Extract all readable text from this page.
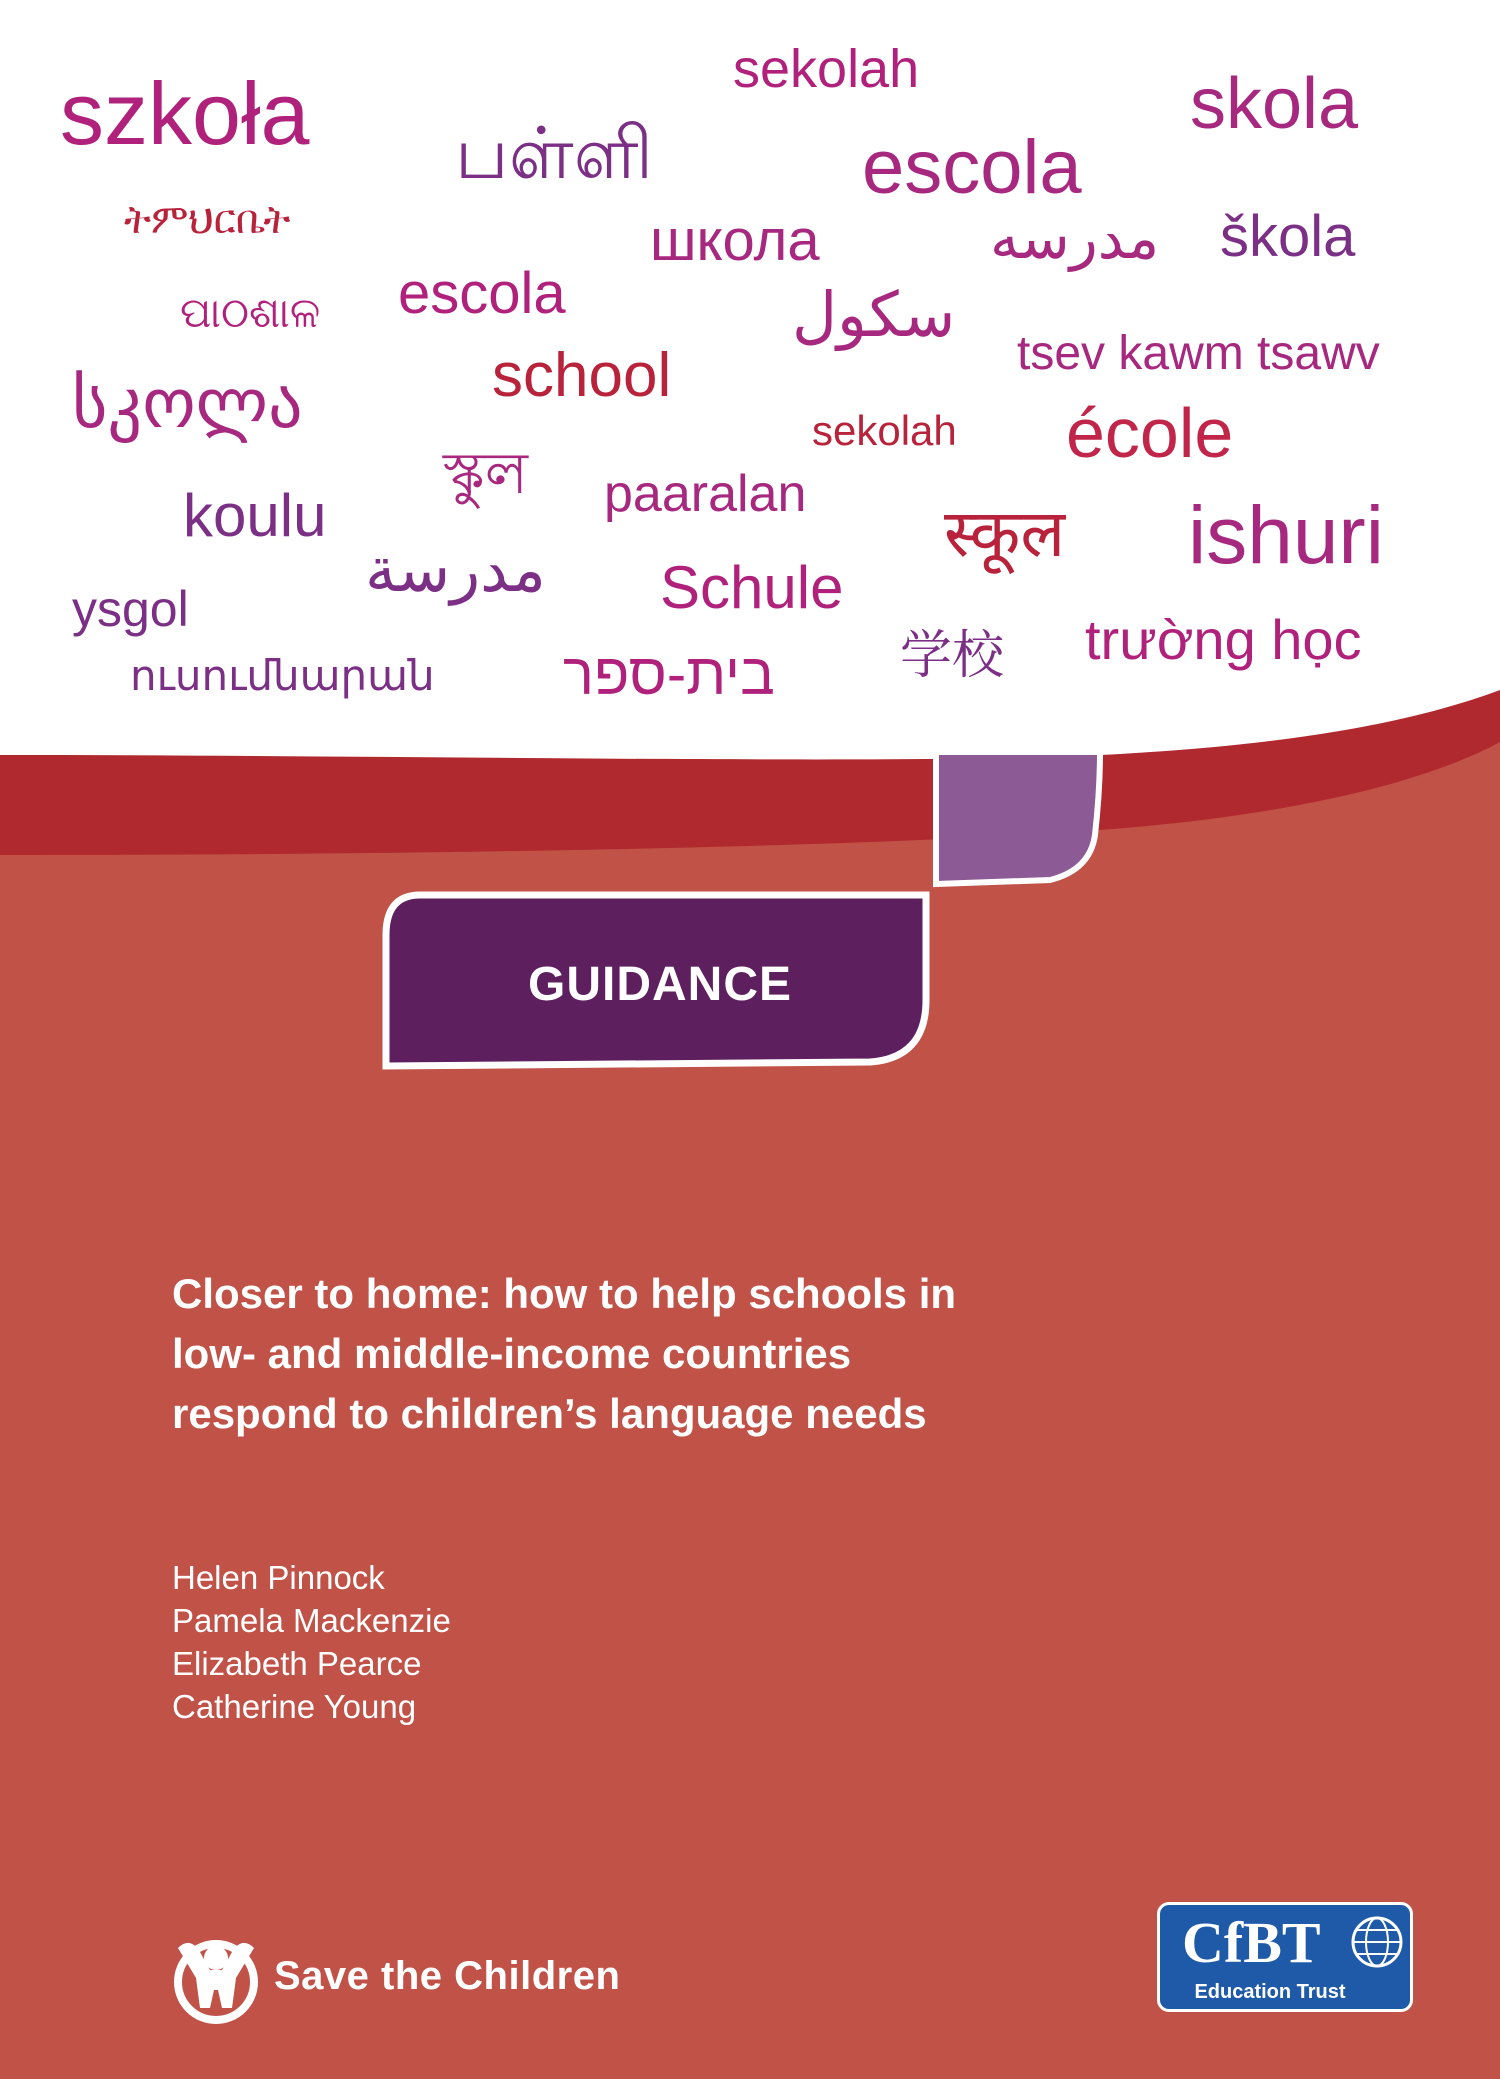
szkoła	sekolah	skola
பள்ளி	escola
ትምህርቤት	школа	مدرسه škola
ପାଠଶାଳ escola	سکول
tsev kawm tsawv
სკოლა	school
sekolah école
স্কুল
koulu	paaralan
स्कूल ishuri
مدرسة Schule
ysgol
学校 trường học
ուսումնարան בית-ספר
GUIDANCE
Closer to home: how to help schools in
low- and middle-income countries
respond to children’s language needs
Helen Pinnock
Pamela Mackenzie
Elizabeth Pearce
Catherine Young
Save the Children
CfBT
Education Trust
